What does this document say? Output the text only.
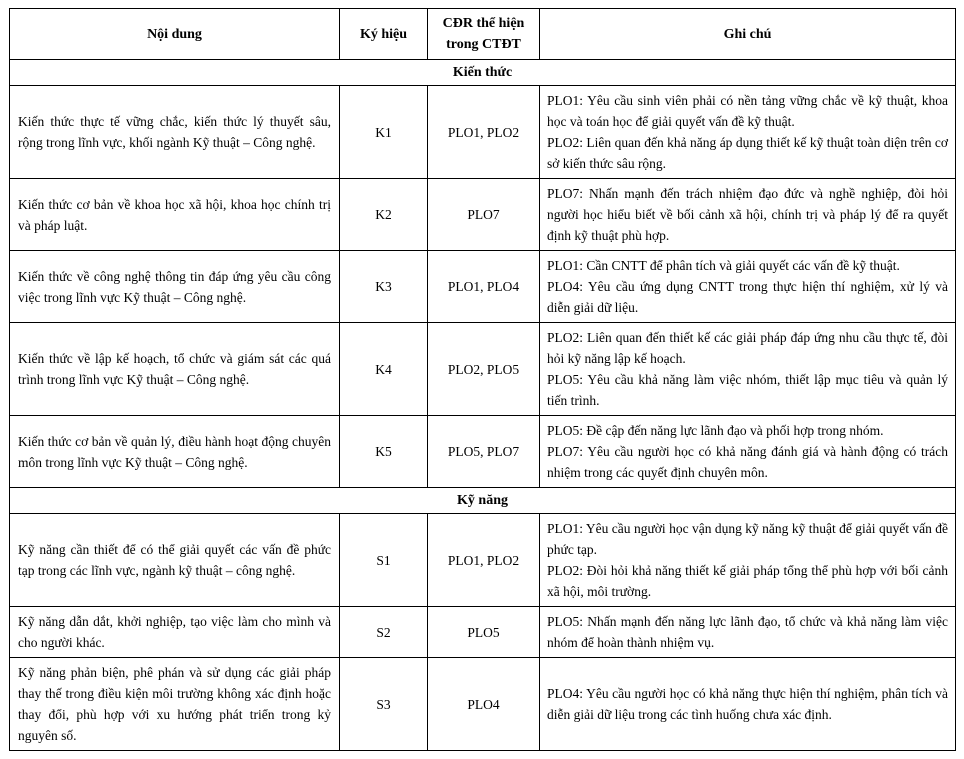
Nội dung	Ký hiệu	CĐR thể hiện trong CTĐT	Ghi chú
Kiến thức			
Kiến thức thực tế vững chắc, kiến thức lý thuyết sâu, rộng trong lĩnh vực, khối ngành Kỹ thuật – Công nghệ.	K1	PLO1, PLO2	PLO1: Yêu cầu sinh viên phải có nền tảng vững chắc về kỹ thuật, khoa học và toán học để giải quyết vấn đề kỹ thuật.
PLO2: Liên quan đến khả năng áp dụng thiết kế kỹ thuật toàn diện trên cơ sở kiến thức sâu rộng.

Kiến thức cơ bản về khoa học xã hội, khoa học chính trị và pháp luật.	K2	PLO7	PLO7: Nhấn mạnh đến trách nhiệm đạo đức và nghề nghiệp, đòi hỏi người học hiểu biết về bối cảnh xã hội, chính trị và pháp lý để ra quyết định kỹ thuật phù hợp.

Kiến thức về công nghệ thông tin đáp ứng yêu cầu công việc trong lĩnh vực Kỹ thuật – Công nghệ.	K3	PLO1, PLO4	PLO1: Cần CNTT để phân tích và giải quyết các vấn đề kỹ thuật.
PLO4: Yêu cầu ứng dụng CNTT trong thực hiện thí nghiệm, xử lý và diễn giải dữ liệu.

Kiến thức về lập kế hoạch, tổ chức và giám sát các quá trình trong lĩnh vực Kỹ thuật – Công nghệ.	K4	PLO2, PLO5	PLO2: Liên quan đến thiết kế các giải pháp đáp ứng nhu cầu thực tế, đòi hỏi kỹ năng lập kế hoạch.
PLO5: Yêu cầu khả năng làm việc nhóm, thiết lập mục tiêu và quản lý tiến trình.

Kiến thức cơ bản về quản lý, điều hành hoạt động chuyên môn trong lĩnh vực Kỹ thuật – Công nghệ.	K5	PLO5, PLO7	PLO5: Đề cập đến năng lực lãnh đạo và phối hợp trong nhóm.
PLO7: Yêu cầu người học có khả năng đánh giá và hành động có trách nhiệm trong các quyết định chuyên môn.

Kỹ năng			
Kỹ năng cần thiết để có thể giải quyết các vấn đề phức tạp trong các lĩnh vực, ngành kỹ thuật – công nghệ.	S1	PLO1, PLO2	PLO1: Yêu cầu người học vận dụng kỹ năng kỹ thuật để giải quyết vấn đề phức tạp.
PLO2: Đòi hỏi khả năng thiết kế giải pháp tổng thể phù hợp với bối cảnh xã hội, môi trường.

Kỹ năng dẫn dắt, khởi nghiệp, tạo việc làm cho mình và cho người khác.	S2	PLO5	PLO5: Nhấn mạnh đến năng lực lãnh đạo, tổ chức và khả năng làm việc nhóm để hoàn thành nhiệm vụ.

Kỹ năng phản biện, phê phán và sử dụng các giải pháp thay thế trong điều kiện môi trường không xác định hoặc thay đổi, phù hợp với xu hướng phát triển trong kỷ nguyên số.	S3	PLO4	PLO4: Yêu cầu người học có khả năng thực hiện thí nghiệm, phân tích và diễn giải dữ liệu trong các tình huống chưa xác định.
